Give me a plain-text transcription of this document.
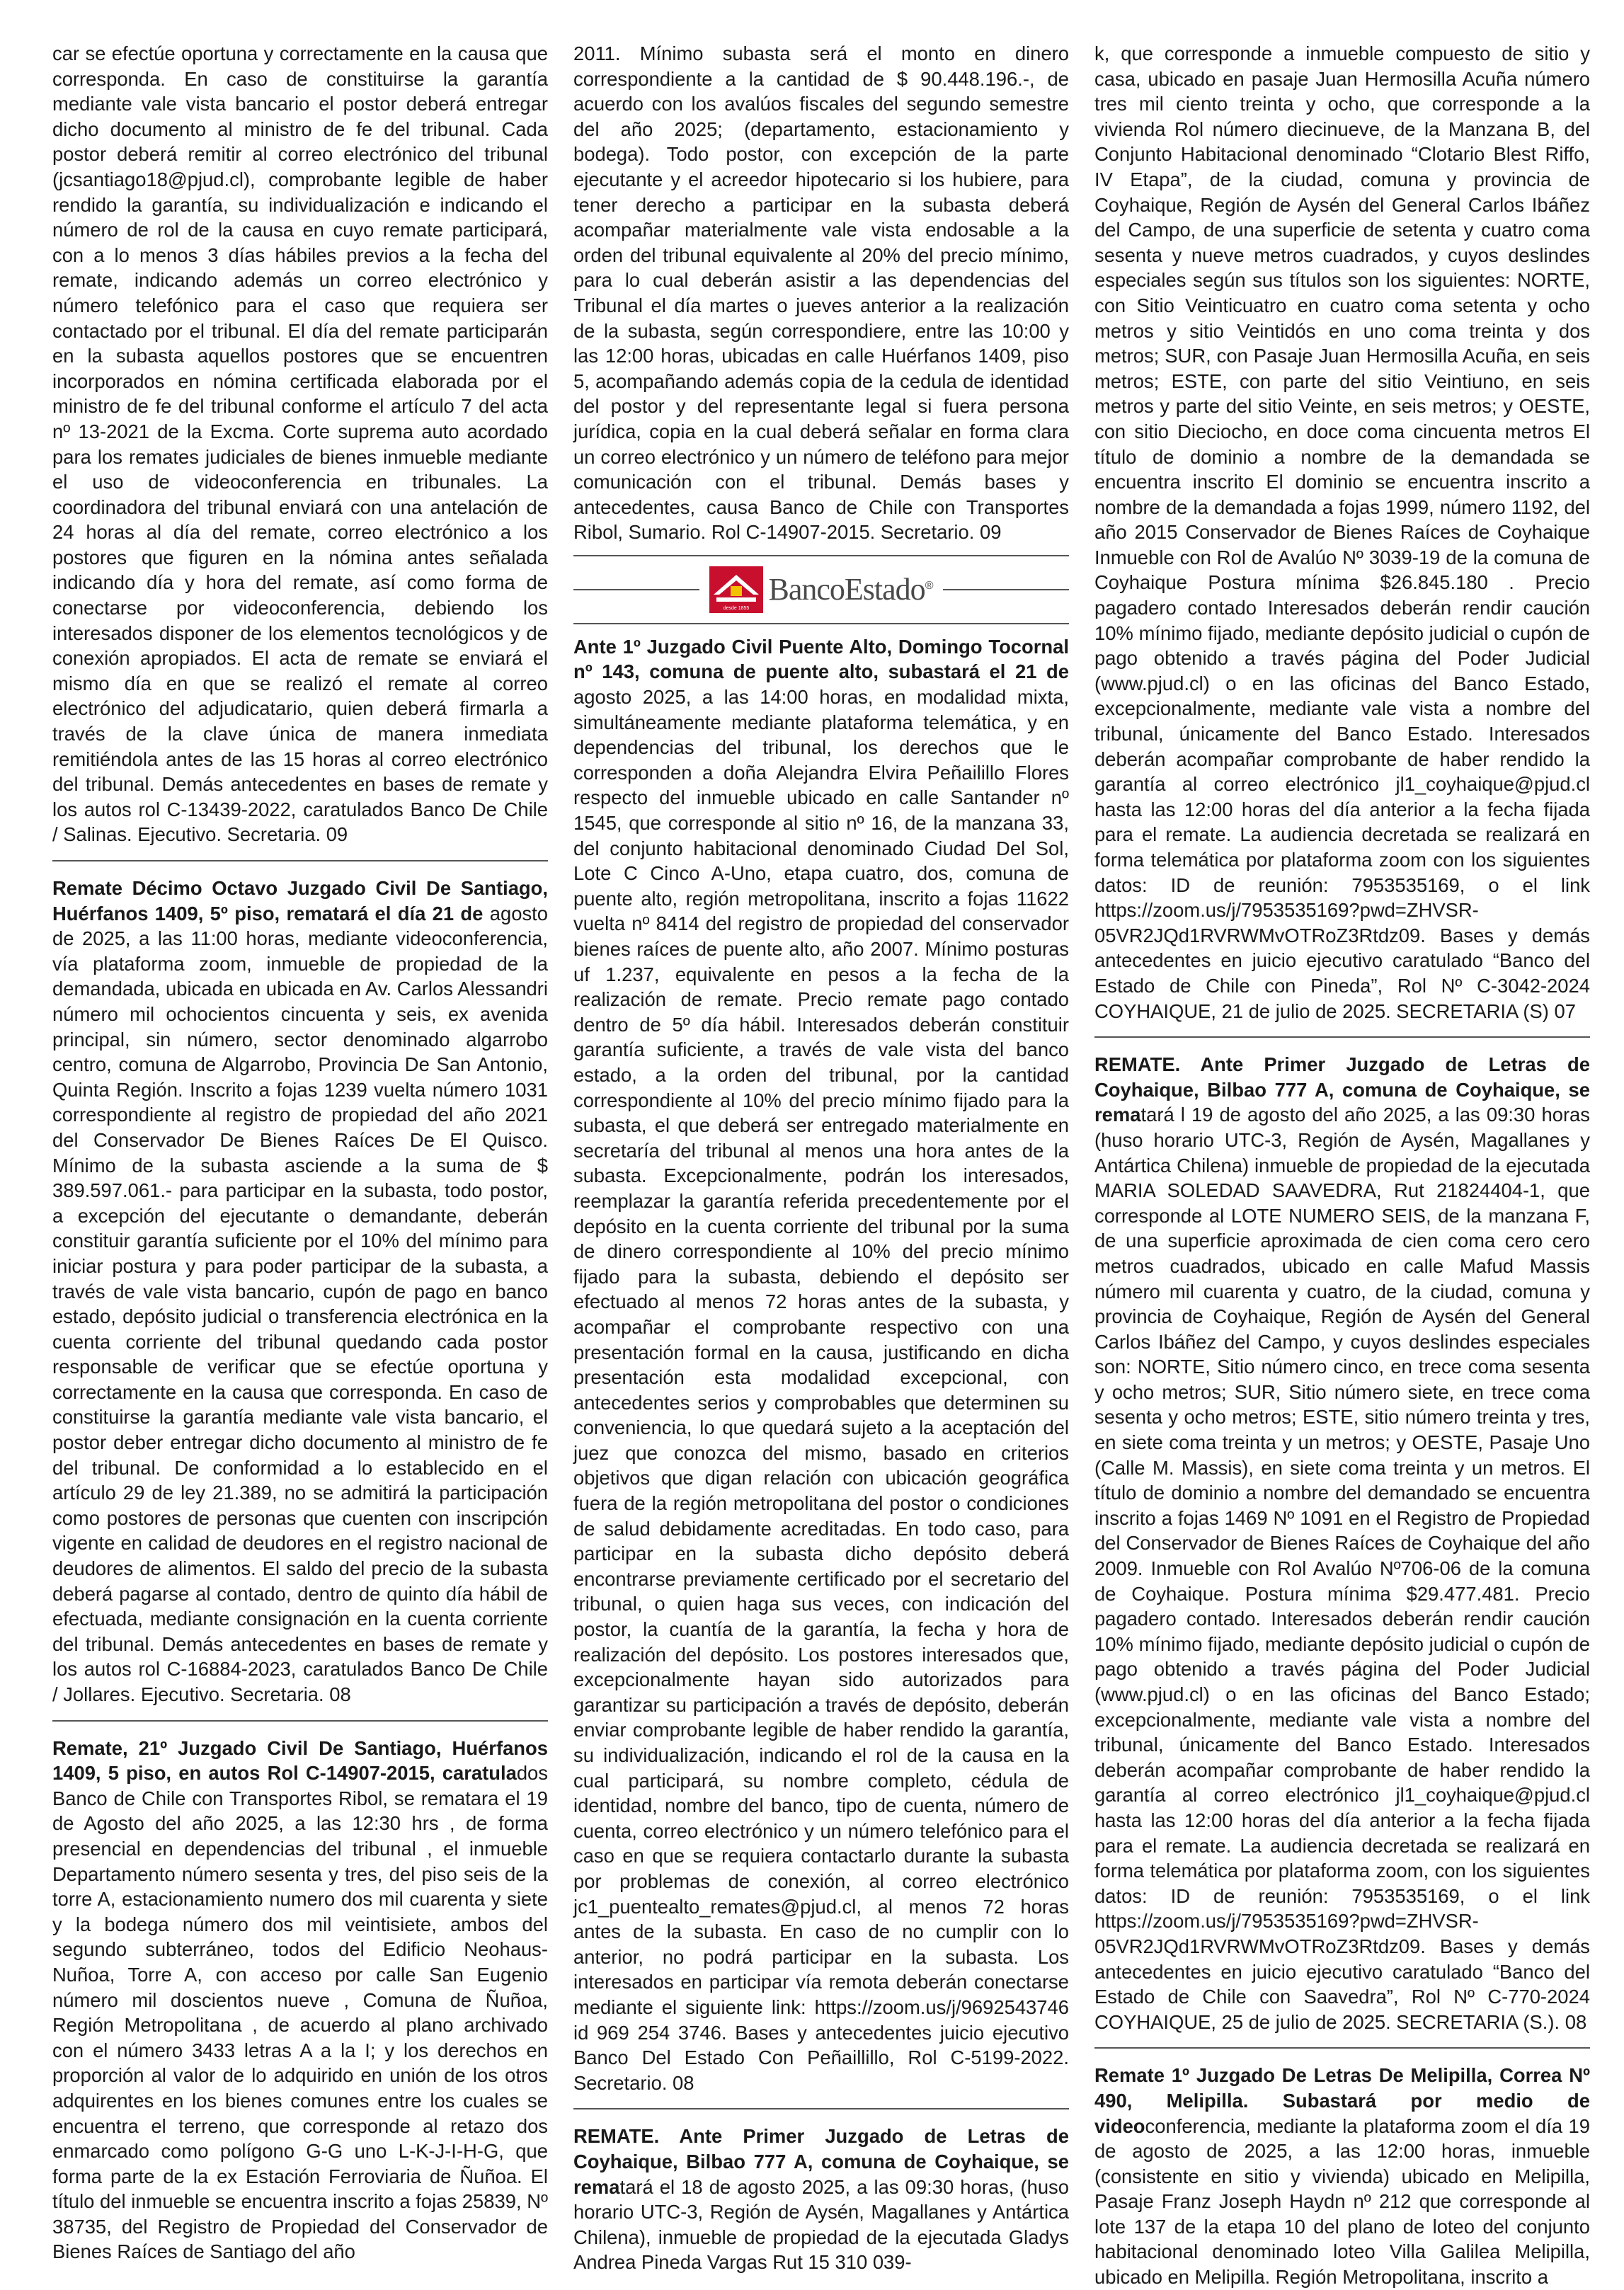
car se efectúe oportuna y correctamente en la causa que corresponda. En caso de constituirse la garantía mediante vale vista bancario el postor deberá entregar dicho documento al ministro de fe del tribunal. Cada postor deberá remitir al correo electrónico del tribunal (jcsantiago18@pjud.cl), comprobante legible de haber rendido la garantía, su individualización e indicando el número de rol de la causa en cuyo remate participará, con a lo menos 3 días hábiles previos a la fecha del remate, indicando además un correo electrónico y número telefónico para el caso que requiera ser contactado por el tribunal. El día del remate participarán en la subasta aquellos postores que se encuentren incorporados en nómina certificada elaborada por el ministro de fe del tribunal conforme el artículo 7 del acta nº 13-2021 de la Excma. Corte suprema auto acordado para los remates judiciales de bienes inmueble mediante el uso de videoconferencia en tribunales. La coordinadora del tribunal enviará con una antelación de 24 horas al día del remate, correo electrónico a los postores que figuren en la nómina antes señalada indicando día y hora del remate, así como forma de conectarse por videoconferencia, debiendo los interesados disponer de los elementos tecnológicos y de conexión apropiados. El acta de remate se enviará el mismo día en que se realizó el remate al correo electrónico del adjudicatario, quien deberá firmarla a través de la clave única de manera inmediata remitiéndola antes de las 15 horas al correo electrónico del tribunal. Demás antecedentes en bases de remate y los autos rol C-13439-2022, caratulados Banco De Chile / Salinas. Ejecutivo. Secretaria. 09

Remate Décimo Octavo Juzgado Civil De Santiago, Huérfanos 1409, 5º piso, rematará el día 21 de agosto de 2025, a las 11:00 horas, mediante videoconferencia, vía plataforma zoom, inmueble de propiedad de la demandada, ubicada en ubicada en Av. Carlos Alessandri número mil ochocientos cincuenta y seis, ex avenida principal, sin número, sector denominado algarrobo centro, comuna de Algarrobo, Provincia De San Antonio, Quinta Región. Inscrito a fojas 1239 vuelta número 1031 correspondiente al registro de propiedad del año 2021 del Conservador De Bienes Raíces De El Quisco. Mínimo de la subasta asciende a la suma de $ 389.597.061.- para participar en la subasta, todo postor, a excepción del ejecutante o demandante, deberán constituir garantía suficiente por el 10% del mínimo para iniciar postura y para poder participar de la subasta, a través de vale vista bancario, cupón de pago en banco estado, depósito judicial o transferencia electrónica en la cuenta corriente del tribunal quedando cada postor responsable de verificar que se efectúe oportuna y correctamente en la causa que corresponda. En caso de constituirse la garantía mediante vale vista bancario, el postor deber entregar dicho documento al ministro de fe del tribunal. De conformidad a lo establecido en el artículo 29 de ley 21.389, no se admitirá la participación como postores de personas que cuenten con inscripción vigente en calidad de deudores en el registro nacional de deudores de alimentos. El saldo del precio de la subasta deberá pagarse al contado, dentro de quinto día hábil de efectuada, mediante consignación en la cuenta corriente del tribunal. Demás antecedentes en bases de remate y los autos rol C-16884-2023, caratulados Banco De Chile / Jollares. Ejecutivo. Secretaria. 08

Remate, 21º Juzgado Civil De Santiago, Huérfanos 1409, 5 piso, en autos Rol C-14907-2015, caratulados Banco de Chile con Transportes Ribol, se rematara el 19 de Agosto del año 2025, a las 12:30 hrs , de forma presencial en dependencias del tribunal , el inmueble Departamento número sesenta y tres, del piso seis de la torre A, estacionamiento numero dos mil cuarenta y siete y la bodega número dos mil veintisiete, ambos del segundo subterráneo, todos del Edificio Neohaus- Nuñoa, Torre A, con acceso por calle San Eugenio número mil doscientos nueve , Comuna de Ñuñoa, Región Metropolitana , de acuerdo al plano archivado con el número 3433 letras A a la I; y los derechos en proporción al valor de lo adquirido en unión de los otros adquirentes en los bienes comunes entre los cuales se encuentra el terreno, que corresponde al retazo dos enmarcado como polígono G-G uno L-K-J-I-H-G, que forma parte de la ex Estación Ferroviaria de Ñuñoa. El título del inmueble se encuentra inscrito a fojas 25839, Nº 38735, del Registro de Propiedad del Conservador de Bienes Raíces de Santiago del año

2011. Mínimo subasta será el monto en dinero correspondiente a la cantidad de $ 90.448.196.-, de acuerdo con los avalúos fiscales del segundo semestre del año 2025; (departamento, estacionamiento y bodega). Todo postor, con excepción de la parte ejecutante y el acreedor hipotecario si los hubiere, para tener derecho a participar en la subasta deberá acompañar materialmente vale vista endosable a la orden del tribunal equivalente al 20% del precio mínimo, para lo cual deberán asistir a las dependencias del Tribunal el día martes o jueves anterior a la realización de la subasta, según correspondiere, entre las 10:00 y las 12:00 horas, ubicadas en calle Huérfanos 1409, piso 5, acompañando además copia de la cedula de identidad del postor y del representante legal si fuera persona jurídica, copia en la cual deberá señalar en forma clara un correo electrónico y un número de teléfono para mejor comunicación con el tribunal. Demás bases y antecedentes, causa Banco de Chile con Transportes Ribol, Sumario. Rol C-14907-2015. Secretario. 09

desde 1855
BancoEstado ®

Ante 1º Juzgado Civil Puente Alto, Domingo Tocornal nº 143, comuna de puente alto, subastará el 21 de agosto 2025, a las 14:00 horas, en modalidad mixta, simultáneamente mediante plataforma telemática, y en dependencias del tribunal, los derechos que le corresponden a doña Alejandra Elvira Peñailillo Flores respecto del inmueble ubicado en calle Santander nº 1545, que corresponde al sitio nº 16, de la manzana 33, del conjunto habitacional denominado Ciudad Del Sol, Lote C Cinco A-Uno, etapa cuatro, dos, comuna de puente alto, región metropolitana, inscrito a fojas 11622 vuelta nº 8414 del registro de propiedad del conservador bienes raíces de puente alto, año 2007. Mínimo posturas uf 1.237, equivalente en pesos a la fecha de la realización de remate. Precio remate pago contado dentro de 5º día hábil. Interesados deberán constituir garantía suficiente, a través de vale vista del banco estado, a la orden del tribunal, por la cantidad correspondiente al 10% del precio mínimo fijado para la subasta, el que deberá ser entregado materialmente en secretaría del tribunal al menos una hora antes de la subasta. Excepcionalmente, podrán los interesados, reemplazar la garantía referida precedentemente por el depósito en la cuenta corriente del tribunal por la suma de dinero correspondiente al 10% del precio mínimo fijado para la subasta, debiendo el depósito ser efectuado al menos 72 horas antes de la subasta, y acompañar el comprobante respectivo con una presentación formal en la causa, justificando en dicha presentación esta modalidad excepcional, con antecedentes serios y comprobables que determinen su conveniencia, lo que quedará sujeto a la aceptación del juez que conozca del mismo, basado en criterios objetivos que digan relación con ubicación geográfica fuera de la región metropolitana del postor o condiciones de salud debidamente acreditadas. En todo caso, para participar en la subasta dicho depósito deberá encontrarse previamente certificado por el secretario del tribunal, o quien haga sus veces, con indicación del postor, la cuantía de la garantía, la fecha y hora de realización del depósito. Los postores interesados que, excepcionalmente hayan sido autorizados para garantizar su participación a través de depósito, deberán enviar comprobante legible de haber rendido la garantía, su individualización, indicando el rol de la causa en la cual participará, su nombre completo, cédula de identidad, nombre del banco, tipo de cuenta, número de cuenta, correo electrónico y un número telefónico para el caso en que se requiera contactarlo durante la subasta por problemas de conexión, al correo electrónico jc1_puentealto_remates@pjud.cl, al menos 72 horas antes de la subasta. En caso de no cumplir con lo anterior, no podrá participar en la subasta. Los interesados en participar vía remota deberán conectarse mediante el siguiente link: https://zoom.us/j/9692543746 id 969 254 3746. Bases y antecedentes juicio ejecutivo Banco Del Estado Con Peñaillillo, Rol C-5199-2022. Secretario. 08

REMATE. Ante Primer Juzgado de Letras de Coyhaique, Bilbao 777 A, comuna de Coyhaique, se rematará el 18 de agosto 2025, a las 09:30 horas, (huso horario UTC-3, Región de Aysén, Magallanes y Antártica Chilena), inmueble de propiedad de la ejecutada Gladys Andrea Pineda Vargas Rut 15 310 039-

k, que corresponde a inmueble compuesto de sitio y casa, ubicado en pasaje Juan Hermosilla Acuña número tres mil ciento treinta y ocho, que corresponde a la vivienda Rol número diecinueve, de la Manzana B, del Conjunto Habitacional denominado “Clotario Blest Riffo, IV Etapa”, de la ciudad, comuna y provincia de Coyhaique, Región de Aysén del General Carlos Ibáñez del Campo, de una superficie de setenta y cuatro coma sesenta y nueve metros cuadrados, y cuyos deslindes especiales según sus títulos son los siguientes: NORTE, con Sitio Veinticuatro en cuatro coma setenta y ocho metros y sitio Veintidós en uno coma treinta y dos metros; SUR, con Pasaje Juan Hermosilla Acuña, en seis metros; ESTE, con parte del sitio Veintiuno, en seis metros y parte del sitio Veinte, en seis metros; y OESTE, con sitio Dieciocho, en doce coma cincuenta metros El título de dominio a nombre de la demandada se encuentra inscrito El dominio se encuentra inscrito a nombre de la demandada a fojas 1999, número 1192, del año 2015 Conservador de Bienes Raíces de Coyhaique Inmueble con Rol de Avalúo Nº 3039-19 de la comuna de Coyhaique Postura mínima $26.845.180 . Precio pagadero contado Interesados deberán rendir caución 10% mínimo fijado, mediante depósito judicial o cupón de pago obtenido a través página del Poder Judicial (www.pjud.cl) o en las oficinas del Banco Estado, excepcionalmente, mediante vale vista a nombre del tribunal, únicamente del Banco Estado. Interesados deberán acompañar comprobante de haber rendido la garantía al correo electrónico jl1_coyhaique@pjud.cl hasta las 12:00 horas del día anterior a la fecha fijada para el remate. La audiencia decretada se realizará en forma telemática por plataforma zoom con los siguientes datos: ID de reunión: 7953535169, o el link https://zoom.us/j/7953535169?pwd=ZHVSR-05VR2JQd1RVRWMvOTRoZ3Rtdz09. Bases y demás antecedentes en juicio ejecutivo caratulado “Banco del Estado de Chile con Pineda”, Rol Nº C-3042-2024 COYHAIQUE, 21 de julio de 2025. SECRETARIA (S) 07

REMATE. Ante Primer Juzgado de Letras de Coyhaique, Bilbao 777 A, comuna de Coyhaique, se rematará l 19 de agosto del año 2025, a las 09:30 horas (huso horario UTC-3, Región de Aysén, Magallanes y Antártica Chilena) inmueble de propiedad de la ejecutada MARIA SOLEDAD SAAVEDRA, Rut 21824404-1, que corresponde al LOTE NUMERO SEIS, de la manzana F, de una superficie aproximada de cien coma cero cero metros cuadrados, ubicado en calle Mafud Massis número mil cuarenta y cuatro, de la ciudad, comuna y provincia de Coyhaique, Región de Aysén del General Carlos Ibáñez del Campo, y cuyos deslindes especiales son: NORTE, Sitio número cinco, en trece coma sesenta y ocho metros; SUR, Sitio número siete, en trece coma sesenta y ocho metros; ESTE, sitio número treinta y tres, en siete coma treinta y un metros; y OESTE, Pasaje Uno (Calle M. Massis), en siete coma treinta y un metros. El título de dominio a nombre del demandado se encuentra inscrito a fojas 1469 Nº 1091 en el Registro de Propiedad del Conservador de Bienes Raíces de Coyhaique del año 2009. Inmueble con Rol Avalúo Nº706-06 de la comuna de Coyhaique. Postura mínima $29.477.481. Precio pagadero contado. Interesados deberán rendir caución 10% mínimo fijado, mediante depósito judicial o cupón de pago obtenido a través página del Poder Judicial (www.pjud.cl) o en las oficinas del Banco Estado; excepcionalmente, mediante vale vista a nombre del tribunal, únicamente del Banco Estado. Interesados deberán acompañar comprobante de haber rendido la garantía al correo electrónico jl1_coyhaique@pjud.cl hasta las 12:00 horas del día anterior a la fecha fijada para el remate. La audiencia decretada se realizará en forma telemática por plataforma zoom, con los siguientes datos: ID de reunión: 7953535169, o el link https://zoom.us/j/7953535169?pwd=ZHVSR-05VR2JQd1RVRWMvOTRoZ3Rtdz09. Bases y demás antecedentes en juicio ejecutivo caratulado “Banco del Estado de Chile con Saavedra”, Rol Nº C-770-2024 COYHAIQUE, 25 de julio de 2025. SECRETARIA (S.). 08

Remate 1º Juzgado De Letras De Melipilla, Correa Nº 490, Melipilla. Subastará por medio de videoconferencia, mediante la plataforma zoom el día 19 de agosto de 2025, a las 12:00 horas, inmueble (consistente en sitio y vivienda) ubicado en Melipilla, Pasaje Franz Joseph Haydn nº 212 que corresponde al lote 137 de la etapa 10 del plano de loteo del conjunto habitacional denominado loteo Villa Galilea Melipilla, ubicado en Melipilla. Región Metropolitana, inscrito a
